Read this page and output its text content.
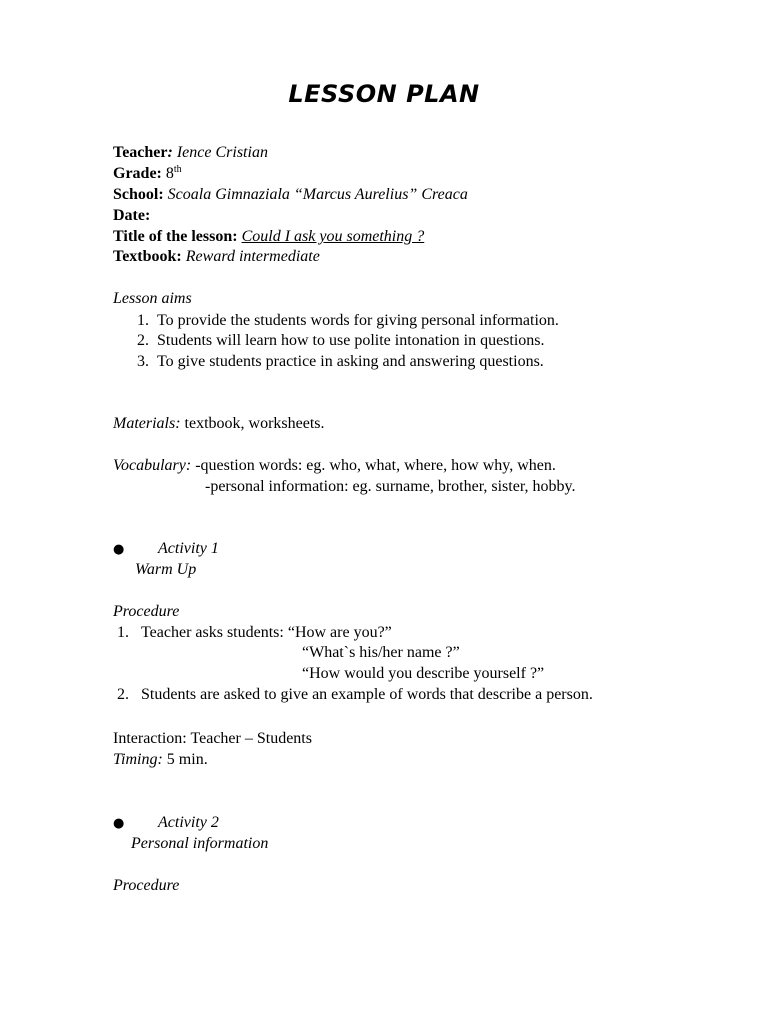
LESSON PLAN
Teacher: Ience Cristian
Grade: 8th
School: Scoala Gimnaziala “Marcus Aurelius” Creaca
Date:
Title of the lesson: Could I ask you something ?
Textbook: Reward intermediate
Lesson aims
1. To provide the students words for giving personal information.
2. Students will learn how to use polite intonation in questions.
3. To give students practice in asking and answering questions.
Materials: textbook, worksheets.
Vocabulary: -question words: eg. who, what, where, how why, when.
-personal information: eg. surname, brother, sister, hobby.
● Activity 1
Warm Up
Procedure
1. Teacher asks students: “How are you?”
“What`s his/her name ?”
“How would you describe yourself ?”
2. Students are asked to give an example of words that describe a person.
Interaction: Teacher – Students
Timing: 5 min.
● Activity 2
Personal information
Procedure
